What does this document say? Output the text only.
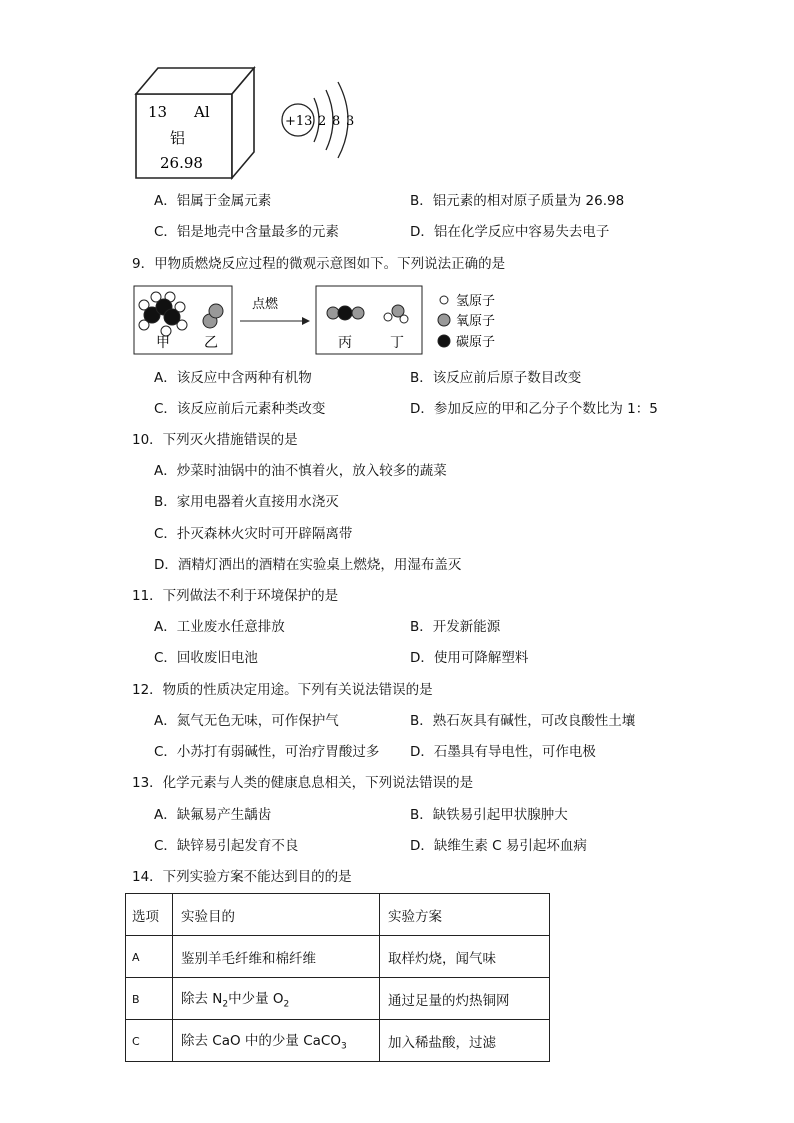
13 Al
铝
26.98
+13 2 8 3
A．铝属于金属元素	B．铝元素的相对原子质量为 26.98
C．铝是地壳中含量最多的元素	D．铝在化学反应中容易失去电子
9．甲物质燃烧反应过程的微观示意图如下。下列说法正确的是
甲 乙
点燃
丙	丁
氢原子
氧原子
碳原子
A．该反应中含两种有机物	B．该反应前后原子数目改变
C．该反应前后元素种类改变	D．参加反应的甲和乙分子个数比为 1：5
10．下列灭火措施错误的是
A．炒菜时油锅中的油不慎着火，放入较多的蔬菜
B．家用电器着火直接用水浇灭
C．扑灭森林火灾时可开辟隔离带
D．酒精灯洒出的酒精在实验桌上燃烧，用湿布盖灭
11．下列做法不利于环境保护的是
A．工业废水任意排放	B．开发新能源
C．回收废旧电池	D．使用可降解塑料
12．物质的性质决定用途。下列有关说法错误的是
A．氮气无色无味，可作保护气	B．熟石灰具有碱性，可改良酸性土壤
C．小苏打有弱碱性，可治疗胃酸过多 D．石墨具有导电性，可作电极
13．化学元素与人类的健康息息相关，下列说法错误的是
A．缺氟易产生龋齿	B．缺铁易引起甲状腺肿大
C．缺锌易引起发育不良	D．缺维生素 C 易引起坏血病
14．下列实验方案不能达到目的的是
选项	实验目的	实验方案
A	鉴别羊毛纤维和棉纤维	取样灼烧，闻气味
B	除去 $N_2$中少量 $O_2$	通过足量的灼热铜网
C	除去 CaO 中的少量 CaCO$_3$	加入稀盐酸，过滤
